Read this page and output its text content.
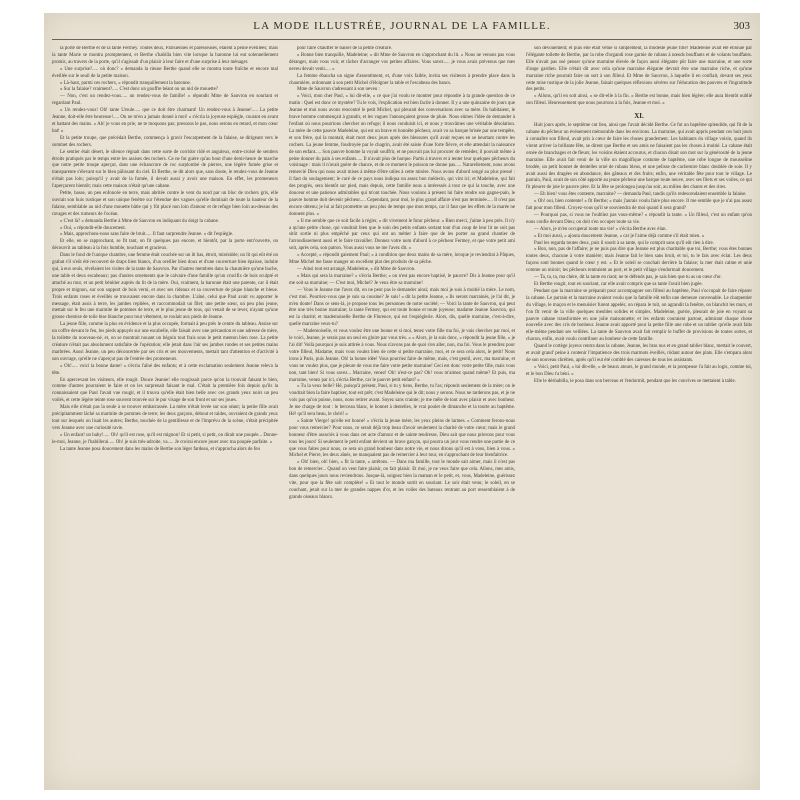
LA MODE ILLUSTRÉE, JOURNAL DE LA FAMILLE.	303

la porte de Berthe et de la tante Fermey. Toutes deux, Parisiennes et paresseuses, étaient à peine éveillées; mais la tante Marie se montra promptement, et Berthe s'habilla bien vite lorsque la baronne lui eut solennellement promis, au travers de la porte, qu'il s'agissait d'un plaisir à leur faire et d'une surprise à leur ménager.

« Une surprise?..... où donc? » demanda la rieuse Berthe quand elle se montra toute fraîche et encore mal éveillée sur le seuil de la petite maison.

« Là-haut, parmi ces rochers, » répondit tranquillement la baronne.

« Sur la falaise? vraiment?..... C'est donc un gouffre béant ou un nid de mouette?

— Non, c'est un rendez-vous..... un rendez-vous de famille! » répondit Mme de Sauvron en souriant et regardant Paul.

« Un rendez-vous! Oh! tante Ursule..... que ce doit être charmant! Un rendez-vous à Jeanne!..... La petite Jeanne, doit-elle être heureuse!..... On ne m'en a jamais donné à moi! » s'écria la joyeuse espiègle, courant en avant et battant des mains. « Ah! je vous en prie, ne te moquons pas; pressons le pas, nous serons en retard, et mon cœur bat! »

Et la petite troupe, que précédait Berthe, commença à gravir l'escarpement de la falaise, se dirigeant vers le sommet des rochers.

Le sentier était désert, le silence régnait dans cette sorte de corridor ridé et anguleux, entre-croisé de sentiers étroits pratiqués par le temps entre les assises des rochers. Ce ne fut guère qu'au bout d'une demi-heure de marche que notre petite troupe aperçut, dans une échancrure de roc surplombé de pierres, une légère fumée grise et transparente s'élevant sur le bleu pâlissant du ciel. Et Berthe, se dit alors que, sans doute, le rendez-vous de Jeanne n'était pas loin; puisqu'il y avait de la fumée, il devait aussi y avoir une maison. En effet, les promeneurs l'aperçurent bientôt; mais cette maison n'était qu'une cabane.

Petite, basse, un peu enfoncée en terre, mais abritée contre le vent du nord par un bloc de rochers gris, elle ouvrait son huis rustique et son unique fenêtre sur l'étendue des vagues qu'elle dominait de toute la hauteur de la falaise, semblable au nid d'une mouette bâtie qui y fût placé non loin d'amour et de refuge bien loin au-dessus des ravages et des rumeurs de l'océan.

« C'est là? » demanda Berthe à Mme de Sauvron en indiquant du doigt la cabane.

« Oui, » répondit-elle doucement.

« Mais, approchons-nous sans faire de bruit..... Il faut surprendre Jeanne. » dit l'espiègle.

Et elle, en se rapprochant, se fit tant, on fit quelques pas encore, et bientôt, par la porte entr'ouverte, on découvrit au tableau à la fois humble, touchant et gracieux.

Dans le fond de l'unique chambre, une femme était couchée sur un lit bas, étroit, misérable; un lit qui eût été un grabat s'il n'eût été recouvert de draps bien blancs, d'un oreiller bien doux et d'une couverture bien épaisse, induite qui, à eux seuls, révélaient les visites de la tante de Sauvron. Par d'autres membres dans la chaumière qu'une huche, une table et deux escabeaux; pas d'autres ornements que le calvaire d'une famille qu'un crucifix de bois sculpté et attaché au mur, et un petit bénitier auprès du lit de la mère. Oui, vraiment, la baronne était une parente, car il était propre et mignon, sur son support de bois verni, et avec ses rideaux et sa couverture de pique blanche et bleue. Trois enfants roses et éveillés se trouvaient encore dans la chambre. L'aîné, celui que Paul avait vu apporter le message, était assis à terre, les jambes repliées, et raccommodait un filet; une petite sœur, un peu plus jeune, mettait sur le feu une marmite de pommes de terre, et le plus jeune de tous, qui venait de se lever, n'ayant qu'une grosse chemise de toile bise blanche pour tout vêtement, se roulait aux pieds de Jeanne.

La jeune fille, comme la plus en évidence et la plus occupée, formait à peu près le centre du tableau. Assise sur un coffre devant le feu, les pieds appuyés sur une escabelle, elle faisait avec une précaution et une adresse de mère, la toilette du nouveau-né, et, on se montrait nouant un béguin tout frais sous le petit menton bien rose. La petite créature n'était pas absolument satisfaite de l'opération; elle jetait dans l'air ses jambes rondes et ses petites mains marbrées. Aussi Jeanne, un peu déconcertée par ses cris et ses mouvements, mettait tant d'attention et d'activité à son ouvrage, qu'elle ne s'aperçut pas de l'entrée des promeneurs.

« Oh!..... voici la bonne dame! » s'écria l'aîné des enfants; et à cette exclamation seulement Jeanne releva la tête.

En apercevant les visiteurs, elle rougit. Douce Jeanne! elle rougissait parce qu'on la trouvait faisant le bien, comme d'autres pourraient le faire et on les surprenait faisant le mal. C'était la première fois depuis qu'ils la connaissaient que Paul l'avait vue rougir, et il trouva qu'elle était bien belle avec ces grands yeux noirs un peu voilés, et cette légère teinte rose souvent trouvée sur le pur visage de son front et sur ses joues.

Mais elle n'était pas la seule à se trouver embarrassée. La mère n'était levée sur son séant; la petite fille avait précipitamment lâché sa marmite de pommes de terre; les deux garçons, debout et raides, ouvraient de grands yeux tout sur lesquels on lisait les autres; Berthe, touchée de la gentillesse et de l'imprévu de la scène, s'était précipitée vers Jeanne avec une curiosité ravie.

« Un enfant! un baby!..... Oh! qu'il est rose, qu'il est mignon! Et si petit, si petit, on dirait une poupée... Donne-le-moi, Jeanne, je l'habillerai..... Oh! je suis très-adroite, va..... Je croirai encore jouer avec ma poupée parfaite. »

La tante Jeanne posa doucement dans les mains de Berthe son léger fardeau, et s'approcha alors de feu

pour faire chauffer le baiser de la petite créature.

« Bonne bien tranquille, Madeleine; » dit Mme de Sauvron en s'approchant du lit. « Nous ne venons pas vous déranger, mais vous voir, et tâcher d'arranger vos petites affaires. Vous savez..... je vous avais prévenus que mes neveu devait venir..... »

La femme ébaucha un signe d'assentiment, et, d'une voix faible, invita ses visiteurs à prendre place dans la chaumière, ordonnant à son petit Michel d'éloigner la table et l'escabeau des bancs.

Mme de Sauvron s'adressant à son neveu :

« Voici, mon cher Paul, » lui dit-elle, « ce que j'ai voulu te montrer pour répondre à ta grande question de ce matin : Quel est donc ce mystère? Tu le vois, l'explication est bien facile à donner. Il y a une quinzaine de jours que Jeanne et moi nous avons rencontré le petit Michel, qui pleurait des conversations avec sa mère. Ils habitaient, le brave homme commençait à grandir, et les vagues l'annonçaient grosse de pluie. Nous eûmes l'idée de demander à l'enfant où nous pourrions chercher un refuge; il nous conduisit ici, et nous y trouvâmes une véritable désolation. La mère de cette pauvre Madeleine, qui est un brave et honnête pêcheur, avait vu sa barque brisée par une tempête, et son frère, qui la montait, était mort deux jours après des blessures qu'il avait reçues en se heurtant contre les rochers. La jeune femme, foudroyée par le chagrin, avait été saisie d'une forte fièvre, et elle attendait la naissance de son enfant..... Son pauvre homme la voyait souffrir, et ne pouvait pas lui procurer de remèdes; il pouvait même à peine donner du pain à ses enfants..... Il n'avait plus de barque. Partis à travers et à tenter leur quelques pêcheurs du voisinage : mais il n'avait guère de chance, et de ce moment le poisson ne donne pas..... Naturellement, nous avons remercié Dieu qui nous avait mises à même d'être utiles à cette misère. Nous avons d'abord songé au plus pressé : il faut du soulagement; le curé de ce pays nous indiqua un assez bon médecin, qui vint ici; et Madeleine, qui fait des progrès, sera bientôt sur pied, mais depuis, cette famille nous a intéressés à tout ce qui la touche, avec une douceur et une patience admirables qui m'ont touchée. Nous voulons à présent lui faire rendre son gagne-pain, le pauvre homme doit devenir pêcheur..... Cependant, pour moi, le plus grand affaire n'est pas terminée..... Il n'est pas encore obtenu; je lui ai fait promettre un peu plus de temps que mon temps, car il faut que les effets de la marée ne donnent plus. »

« Il me semble que ce soit facile à régler, » dit vivement le futur pêcheur. « Bien merci, j'aime à peu près. Il n'y a qu'une petite chose, qui voudrait bien que le soin des petits enfants sortant tout d'un coup de leur lit ne soit pas sitôt sortie ni plus empêché par ceux qui ont un métier à faire que de les porter au grand chantier de l'arrondissement aussi et le faire travailler. Donnez votre nom d'abord à ce pêcheur Fermey, et que votre petit ami soit, après cela, son patron. Vous aussi vous ne me l'avez dit. »

« Accepté, » répondit gaiement Paul; « à condition que deux mains de sa mère, lorsque je reviendrai à Pâques, Mme Michel me fasse manger un excellent plat des produits de sa pêche.

— Ainsi tout est arrangé, Madeleine, » dit Mme de Sauvron.

« Mais qui sera la marraine? » s'écria Berthe; « on n'est pas encore baptisé, le pauvre? Dis à Jeanne pour qu'il me soit sa marraine; — C'est moi, Michel? Je veux être sa marraine!

— Vous le Jeanne me l'avez dit, on ne peut pas le demander ainsi; mais moi je suis à moitié la mère. Le nom, c'est moi. Pourriez-vous que je suis sa cousine? Je suis! » dit la petite Jeanne, « Ils seront marrainés, je l'ai dit, je m'en doute! Dans ce sens-là, je propose tous les personnes de notre société; — Voici la tante de Sauvron, qui peut être une très bonne marraine; la tante Fermey, qui est toute bonne et toute joyeuse; madame Jeanne Sauvron, qui est la charité; et mademoiselle Berthe de Florence, qui est l'espièglerie. Alors, dis, quelle marraine, c'est-à-dire, quelle marraine veux-tu?

— Mademoiselle, et vous voulez être une bonne et si moi, tenez votre fille ma foi, je vais chercher par moi, et le voici, Jeanne, je serais pas un seul en gloire par vous très. » « Alors, je la suis donc, » répondit la jeune fille, « je l'ai dit! Voilà pourquoi je suis attirée à vous. Nous n'avons pas de quoi s'en aller, non, ma foi. Vous le prendrez pour votre filleul, Madame, mais vous voulez bien de cette si petite marraine, moi, et ce sera cela alors, le petit! Nous irons à Paris, puis Jeanne. Oh! la bonne idée! Vous pourriez faire de même, mais, c'est gentil, avec, ma marraine, et vous ne voulez plus, que je pleure de vous me faire votre petite marraine! Ceci est donc votre petite fille, mais vous non, tant bien! Si vous savez... Marraine, venez! Oh! n'est-ce pas? Oh! vous m'aimez quand même? Et puis, ma marraine, venez par ici, s'écria Berthe, car le pauvre petit enfant? »

« Tu la veux belle? Hé, puisqu'à présent, Paul, si tu y tiens, Berthe, tu l'as; réponds seulement de la mère; on le voudrait bien la faire baptiser, tout est prêt; c'est Madeleine qui le dit; nous y serons. Nous ne tarderons pas, et je ne vois pas qu'on puisse, nous, nous retirer avant. Soyez sans crainte; je me mêle de tout avec plaisir et avec bonheur. Je me charge de tout : le berceau blanc, le bonnet à dentelles, le vrai poulet de dimanche et la tourte au baptême. Hé! qu'il sera beau, le chéri! »

« Sainte Vierge! qu'elle est bonne! » s'écria la jeune mère, les yeux pleins de larmes. « Comment ferons-nous pour vous remercier? Pour nous, ce serait déjà trop beau d'avoir seulement la charité de votre cœur; mais le grand honneur d'être associés à vous dans cet acte d'amour et de sainte tendresse, Dieu sait que nous prierons pour vous tous les jours! Si seulement le petit enfant devient un brave garçon, qui pourra un jour vous rendre une partie de ce que vous faites pour nous, ce sera un grand bonheur dans notre vie, et nous dirons qu'il est à vous, bien à vous. » Michel et Pierre, les deux aînés, ne manquaient pas de remercier à leur tour, en s'approchant de leur bienfaitrice.

« Oh! bien, oh! bien, » fit la tante, « arrêtons. — Dans ma famille, tout le monde sait aimer, mais il n'est pas bon de remercier... Quand on veut faire plaisir, on fait plaisir. Et moi, je ne veux faire que cela. Allons, mes amis, dans quelques jours nous reviendrons. Jusque-là, soignez bien la maman et le petit, et, vous, Madeleine, guérissez vite, pour que la fête soit complète! » Et tout le monde sortit en souriant. Le soir était venu; le soleil, en se couchant, jetait sur la mer de grandes nappes d'or, et les voiles des bateaux rentrant au port ressemblaient à de grands oiseaux blancs.

son dévouement; et puis elle était vêtue si simplement, la modeste jeune fille! Madeleine avait été éblouie par l'élégante toilette de Berthe, par la robe d'organdi rose garnie de rubans à nœuds bouffants et de volants bouffants. Elle n'avait pas osé penser qu'une marraine élevée de façon aussi élégante pût faire une marraine, et une sorte d'ange gardien. Elle n'était dit avec cela qu'une marraine élégante devrait être une marraine riche, et qu'une marraine riche pourrait faire un sort à son filleul. Et Mme de Sauvron, à laquelle il en confiait, devant ses yeux cette mise rustique de la jolie Jeanne, faisait quelques réflexions sévères sur l'éducation des pauvres et l'ingratitude des petits.

« Allons, qu'il en soit ainsi, » se dit-elle à la fin. « Berthe est bonne, mais bien légère; elle aura bientôt oublié son filleul. Heureusement que nous pourrons à la fois, Jeanne et moi. »

XI.

Huit jours après, le septième cut lieu, ainsi que l'avait décidé Berthe. Ce fut un baptême splendide, qui fit de la cabane du pêcheur un événement mémorable dans les environs. La marraine, qui avait appris pendant ces huit jours à connaître son filleul, avait pris à cœur de faire les choses grandement. Les habitants du village voisin, quand ils virent arriver la brillante fête, se dirent que Berthe et ses amis ne faisaient pas les choses à moitié. La cabane était ornée de branchages et de fleurs; les voisins étaient accourus, et chacun disait son mot sur la générosité de la jeune marraine. Elle avait fait venir de la ville un magnifique costume de baptême, une robe longue de mousseline brodée, un petit bonnet de dentelles orné de rubans bleus, et une pelisse de cachemire blanc doublée de soie. Il y avait aussi des dragées en abondance, des gâteaux et des fruits; enfin, une véritable fête pour tout le village. Le parrain, Paul, avait de son côté apporté au jeune pêcheur une barque toute neuve, avec ses filets et ses voiles, ce qui fit pleurer de joie le pauvre père. Et la fête se prolongea jusqu'au soir, au milieu des chants et des rires.

— Eh bien! vous êtes contente, marraine? — demanda Paul, tandis qu'ils redescendaient ensemble la falaise.

« Oh! oui, bien contente! » fit Berthe; « mais j'aurais voulu faire plus encore. Il me semble que je n'ai pas assez fait pour mon filleul. Croyez-vous qu'il se souviendra de moi quand il sera grand?

— Pourquoi pas, si vous ne l'oubliez pas vous-même? » répondit la tante. « Un filleul, c'est un enfant qu'on nous confie devant Dieu; on doit s'en occuper toute sa vie.

— Alors, je m'en occuperai toute ma vie! » s'écria Berthe avec élan.

« Et moi aussi, » ajouta doucement Jeanne, « car je l'aime déjà comme s'il était mien. »

Paul les regarda toutes deux, puis il sourit à sa tante, qui le comprit sans qu'il eût rien à dire.

« Bon, non, pas de l'affaire; je ne puis pas dire que Jeanne est plus charitable que toi, Berthe; vous êtes bonnes toutes deux, chacune à votre manière; mais Jeanne fait le bien sans bruit, et toi, tu le fais avec éclat. Les deux façons sont bonnes quand le cœur y est. » Et le soleil se couchait derrière la falaise; la mer était calme et unie comme un miroir; les pêcheurs rentraient au port, et le petit village s'endormait doucement.

— Ta, ta, ta, ma chère, dit la tante en riant; ne te défends pas, je sais bien que tu as un cœur d'or.

Et Berthe rougit, tout en souriant, car elle avait compris que sa tante l'avait bien jugée.

Pendant que la marraine se préparait pour accompagner son filleul au baptême, Paul s'occupait de faire réparer la cabane. Le parrain et la marraine avaient voulu que la famille eût enfin une demeure convenable. Le charpentier du village, le maçon et le menuisier furent appelés; on répara le toit, on agrandit la fenêtre, on blanchit les murs, et l'on fit venir de la ville quelques meubles solides et simples. Madeleine, guérie, pleurait de joie en voyant sa pauvre cabane transformée en une jolie maisonnette; et les enfants couraient partout, admirant chaque chose nouvelle avec des cris de bonheur. Jeanne avait apporté pour la petite fille une robe et un tablier qu'elle avait faits elle-même pendant ses veillées. La tante de Sauvron avait fait remplir le buffet de provisions de toutes sortes, et chacun, enfin, avait voulu contribuer au bonheur de cette famille.

Quand le cortège joyeux rentra dans la cabane, Jeanne, les bras nus et en grand tablier blanc, mettait le couvert, et avait grand' peine à contenir l'impatience des trois marmots éveillés, rôdant autour des plats. Elle s'empara alors de son nouveau chrétien, après qu'il eut été comblé des caresses de tous les assistants.

« Voici, petit Paul, » lui dit-elle, « de beaux atours, le grand monde, et la pompeuse l'a fait au logis, comme toi, et le bon Dieu t'a béni. »

Elle le déshabilla, le posa dans son berceau et l'endormit, pendant que les convives se mettaient à table.
